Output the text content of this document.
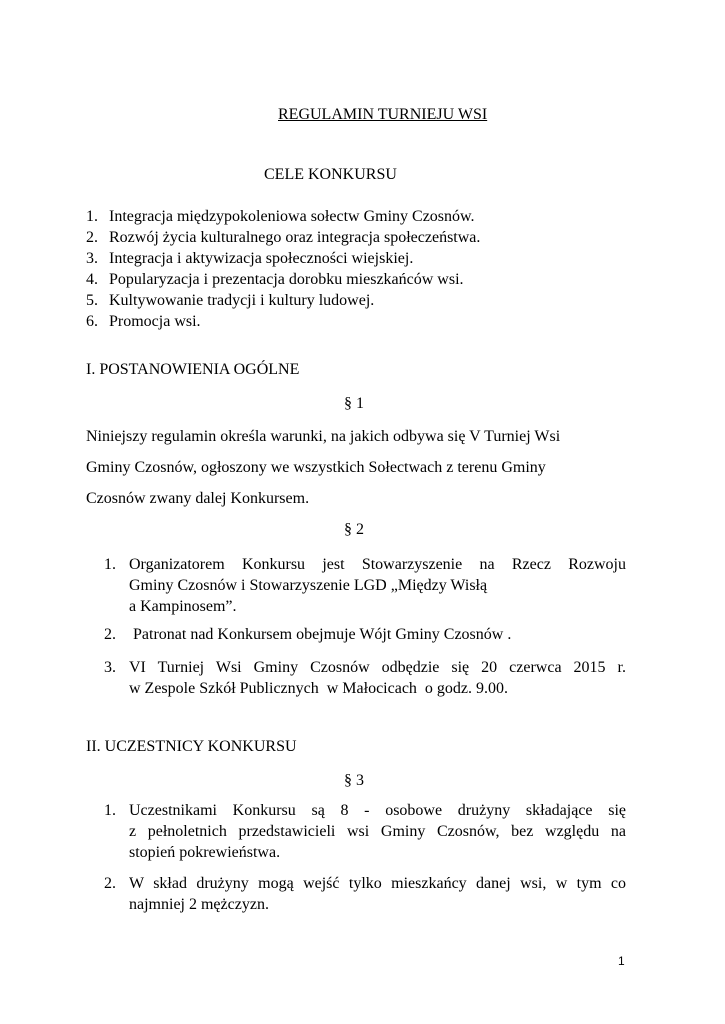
REGULAMIN TURNIEJU WSI
CELE KONKURSU
1. Integracja międzypokoleniowa sołectw Gminy Czosnów.
2. Rozwój życia kulturalnego oraz integracja społeczeństwa.
3. Integracja i aktywizacja społeczności wiejskiej.
4. Popularyzacja i prezentacja dorobku mieszkańców wsi.
5. Kultywowanie tradycji i kultury ludowej.
6. Promocja wsi.
I. POSTANOWIENIA OGÓLNE
§ 1
Niniejszy regulamin określa warunki, na jakich odbywa się V Turniej Wsi
Gminy Czosnów, ogłoszony we wszystkich Sołectwach z terenu Gminy
Czosnów zwany dalej Konkursem.
§ 2
1. Organizatorem Konkursu jest Stowarzyszenie na Rzecz Rozwoju
Gminy Czosnów i Stowarzyszenie LGD „Między Wisłą
a Kampinosem”.
2. Patronat nad Konkursem obejmuje Wójt Gminy Czosnów .
3. VI Turniej Wsi Gminy Czosnów odbędzie się 20 czerwca 2015 r.
w Zespole Szkół Publicznych  w Małocicach  o godz. 9.00.
II. UCZESTNICY KONKURSU
§ 3
1. Uczestnikami Konkursu są 8 - osobowe drużyny składające się
z pełnoletnich przedstawicieli wsi Gminy Czosnów, bez względu na
stopień pokrewieństwa.
2. W skład drużyny mogą wejść tylko mieszkańcy danej wsi, w tym co
najmniej 2 mężczyzn.
1
